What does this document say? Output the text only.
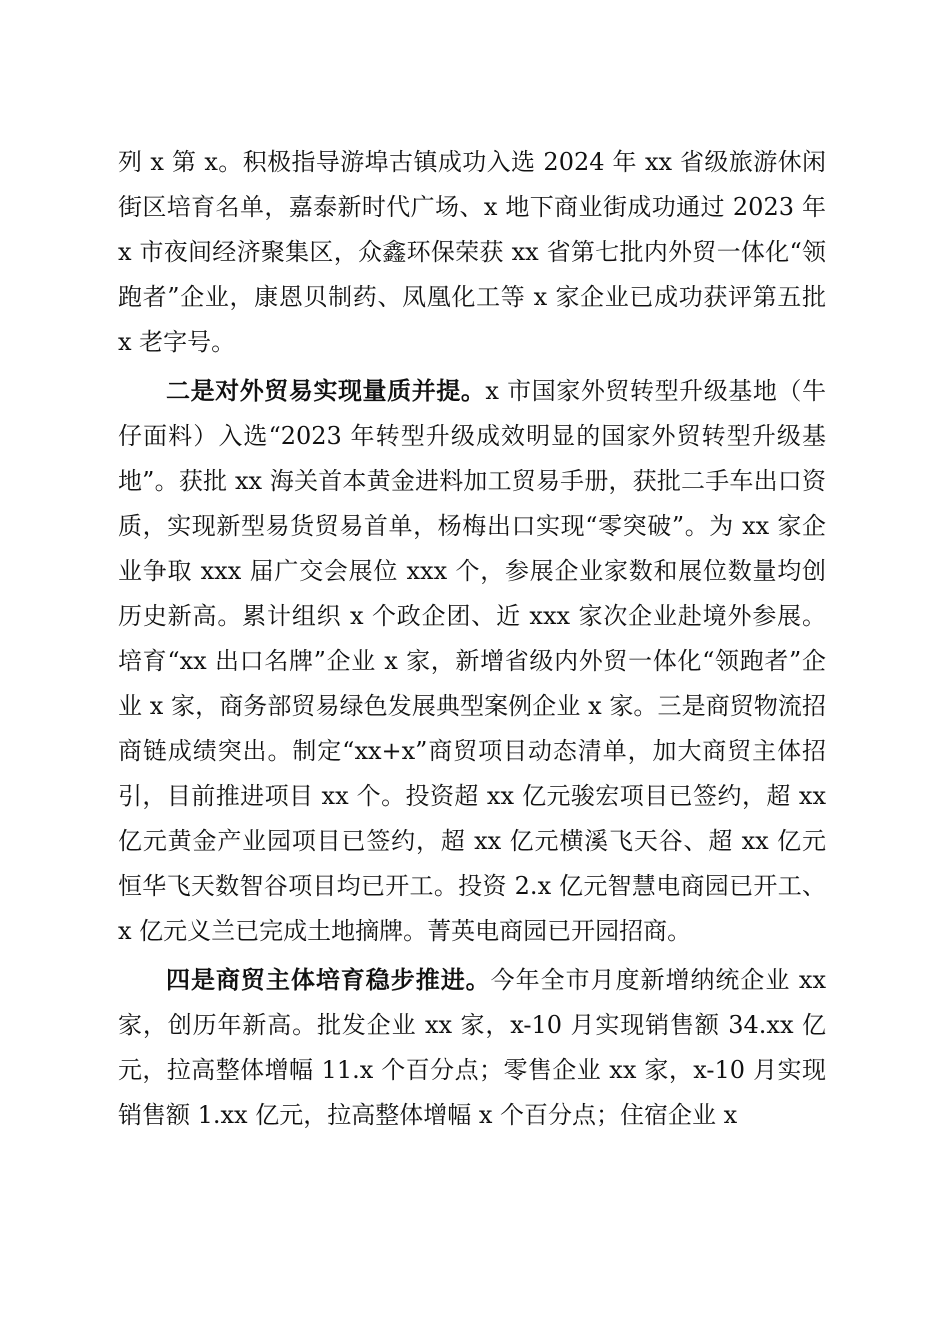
列 x 第 x。积极指导游埠古镇成功入选 2024 年 xx 省级旅游休闲街区培育名单，嘉泰新时代广场、x 地下商业街成功通过 2023 年 x 市夜间经济聚集区，众鑫环保荣获 xx 省第七批内外贸一体化“领跑者”企业，康恩贝制药、凤凰化工等 x 家企业已成功获评第五批 x 老字号。

二是对外贸易实现量质并提。x 市国家外贸转型升级基地（牛仔面料）入选“2023 年转型升级成效明显的国家外贸转型升级基地”。获批 xx 海关首本黄金进料加工贸易手册，获批二手车出口资质，实现新型易货贸易首单，杨梅出口实现“零突破”。为 xx 家企业争取 xxx 届广交会展位 xxx 个，参展企业家数和展位数量均创历史新高。累计组织 x 个政企团、近 xxx 家次企业赴境外参展。培育“xx 出口名牌”企业 x 家，新增省级内外贸一体化“领跑者”企业 x 家，商务部贸易绿色发展典型案例企业 x 家。三是商贸物流招商链成绩突出。制定“xx+x”商贸项目动态清单，加大商贸主体招引，目前推进项目 xx 个。投资超 xx 亿元骏宏项目已签约，超 xx 亿元黄金产业园项目已签约，超 xx 亿元横溪飞天谷、超 xx 亿元恒华飞天数智谷项目均已开工。投资 2.x 亿元智慧电商园已开工、x 亿元义兰已完成土地摘牌。菁英电商园已开园招商。

四是商贸主体培育稳步推进。今年全市月度新增纳统企业 xx 家，创历年新高。批发企业 xx 家，x-10 月实现销售额 34.xx 亿元，拉高整体增幅 11.x 个百分点；零售企业 xx 家，x-10 月实现销售额 1.xx 亿元，拉高整体增幅 x 个百分点；住宿企业 x
